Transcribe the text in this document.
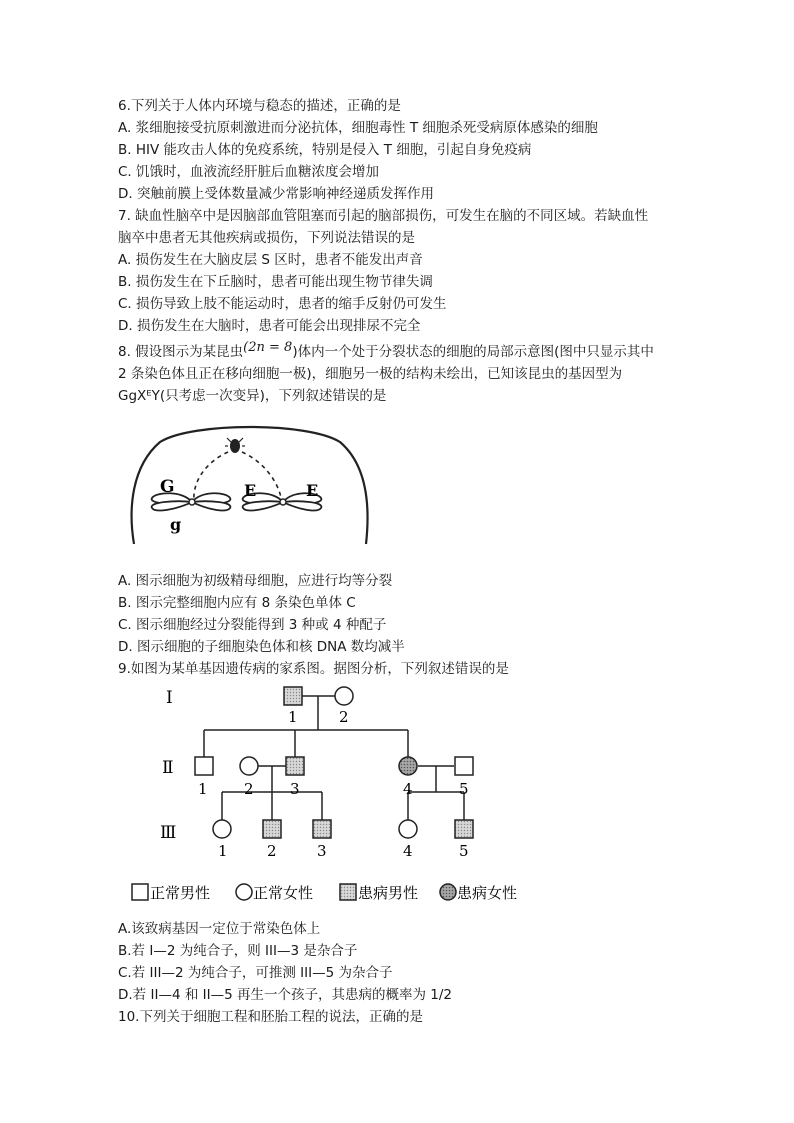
6.下列关于人体内环境与稳态的描述，正确的是
A. 浆细胞接受抗原刺激进而分泌抗体，细胞毒性 T 细胞杀死受病原体感染的细胞
B. HIV 能攻击人体的免疫系统，特别是侵入 T 细胞，引起自身免疫病
C. 饥饿时，血液流经肝脏后血糖浓度会增加
D. 突触前膜上受体数量减少常影响神经递质发挥作用
7. 缺血性脑卒中是因脑部血管阻塞而引起的脑部损伤，可发生在脑的不同区域。若缺血性
脑卒中患者无其他疾病或损伤，下列说法错误的是
A. 损伤发生在大脑皮层 S 区时，患者不能发出声音
B. 损伤发生在下丘脑时，患者可能出现生物节律失调
C. 损伤导致上肢不能运动时，患者的缩手反射仍可发生
D. 损伤发生在大脑时，患者可能会出现排尿不完全
8. 假设图示为某昆虫(2n = 8)体内一个处于分裂状态的细胞的局部示意图(图中只显示其中
2 条染色体且正在移向细胞一极)，细胞另一极的结构未绘出，已知该昆虫的基因型为
GgXᴱY(只考虑一次变异)，下列叙述错误的是
G
g
E	E
A. 图示细胞为初级精母细胞，应进行均等分裂
B. 图示完整细胞内应有 8 条染色单体 C
C. 图示细胞经过分裂能得到 3 种或 4 种配子
D. 图示细胞的子细胞染色体和核 DNA 数均减半
9.如图为某单基因遗传病的家系图。据图分析，下列叙述错误的是
I
Ⅱ
Ⅲ
1	2
1 2 3	4	5
1	2	3	4	5
正常男性	正常女性	患病男性	患病女性
A.该致病基因一定位于常染色体上
B.若 I—2 为纯合子，则 III—3 是杂合子
C.若 III—2 为纯合子，可推测 III—5 为杂合子
D.若 II—4 和 II—5 再生一个孩子，其患病的概率为 1/2
10.下列关于细胞工程和胚胎工程的说法，正确的是
